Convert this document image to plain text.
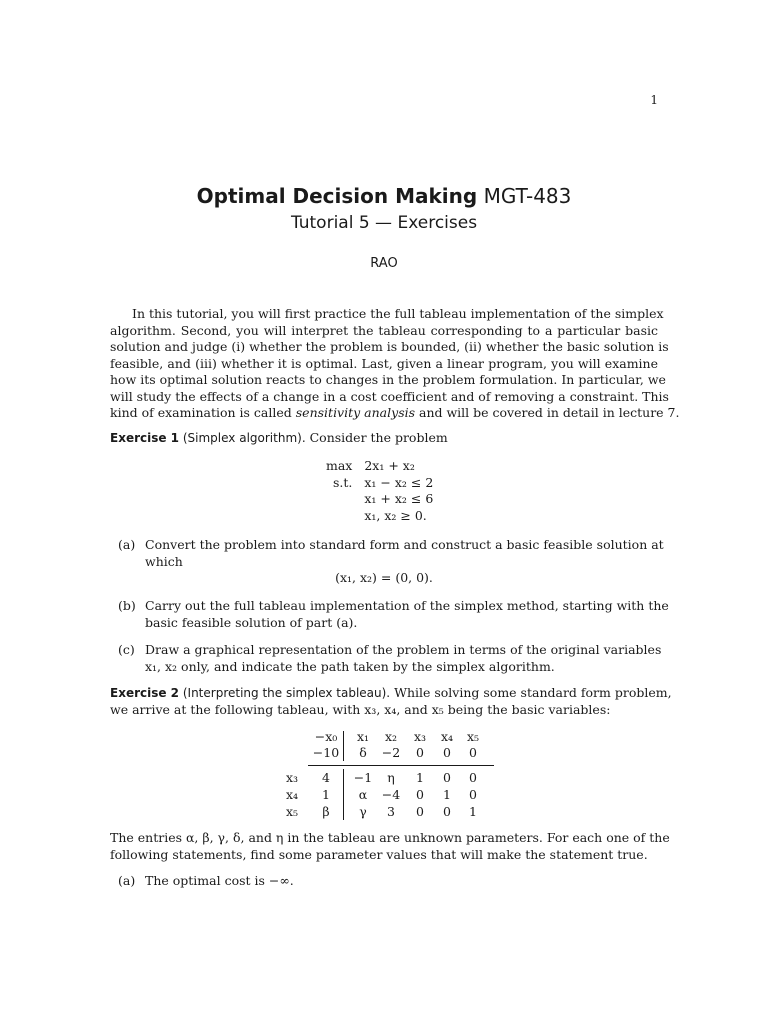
1
Optimal Decision Making MGT-483
Tutorial 5 — Exercises
RAO
In this tutorial, you will first practice the full tableau implementation of the simplex
algorithm. Second, you will interpret the tableau corresponding to a particular basic
solution and judge (i) whether the problem is bounded, (ii) whether the basic solution is
feasible, and (iii) whether it is optimal. Last, given a linear program, you will examine
how its optimal solution reacts to changes in the problem formulation. In particular, we
will study the effects of a change in a cost coefficient and of removing a constraint. This
kind of examination is called sensitivity analysis and will be covered in detail in lecture 7.
Exercise 1 (Simplex algorithm). Consider the problem
max	2x₁ + x₂
s.t.	x₁ − x₂ ≤ 2
	x₁ + x₂ ≤ 6
	x₁, x₂ ≥ 0.
(a) Convert the problem into standard form and construct a basic feasible solution at
which
(x₁, x₂) = (0, 0).
(b) Carry out the full tableau implementation of the simplex method, starting with the
basic feasible solution of part (a).
(c) Draw a graphical representation of the problem in terms of the original variables
x₁, x₂ only, and indicate the path taken by the simplex algorithm.
Exercise 2 (Interpreting the simplex tableau). While solving some standard form problem,
we arrive at the following tableau, with x₃, x₄, and x₅ being the basic variables:
−x₀	x₁	x₂	x₃	x₄	x₅
−10	δ	−2	0	0	0
x₃	4	−1	η	1	0	0
x₄	1	α	−4	0	1	0
x₅	β	γ	3	0	0	1
The entries α, β, γ, δ, and η in the tableau are unknown parameters. For each one of the
following statements, find some parameter values that will make the statement true.
(a) The optimal cost is −∞.
